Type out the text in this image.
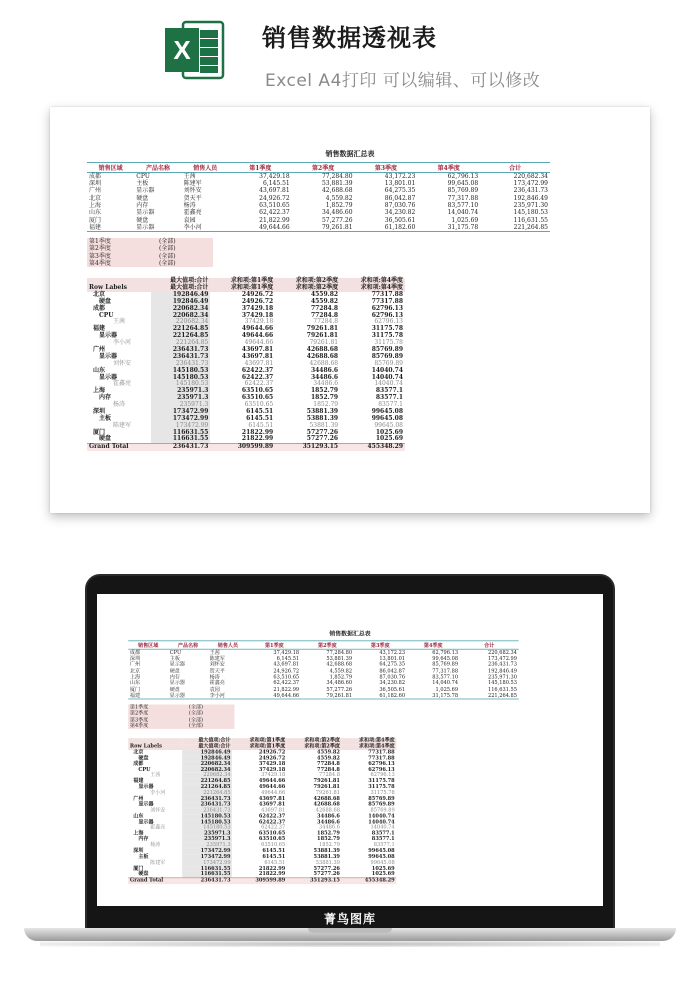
X	销售数据透视表
Excel A4打印 可以编辑、可以修改
销售数据汇总表
销售区域	产品名称	销售人员	第1季度	第2季度	第3季度	第4季度	合计
成都	CPU	王茜	37,429.18	77,284.80	43,172.23	62,796.13	220,682.34
深圳	主板	陈建军	6,145.51	53,881.39	13,801.01	99,645.08	173,472.99
广州	显示器	刘怀安	43,697.81	42,688.68	64,275.35	85,769.89	236,431.73
北京	硬盘	贺天平	24,926.72	4,559.82	86,042.87	77,317.88	192,846.49
上海	内存	杨涛	63,510.65	1,852.79	87,030.76	83,577.10	235,971.30
山东	显示器	霍鑫亮	62,422.37	34,486.60	34,230.82	14,040.74	145,180.53
厦门	硬盘	袁园	21,822.99	57,277.26	36,505.61	1,025.69	116,631.55
福建	显示器	李小河	49,644.66	79,261.81	61,182.60	31,175.78	221,264.85
第1季度	(全部)
第2季度	(全部)
第3季度	(全部)
第4季度	(全部)
	最大值项:合计	求和项:第1季度	求和项:第2季度	求和项:第4季度
Row Labels	最大值项:合计	求和项:第1季度	求和项:第2季度	求和项:第4季度
北京	192846.49	24926.72	4559.82	77317.88
硬盘	192846.49	24926.72	4559.82	77317.88
成都	220682.34	37429.18	77284.8	62796.13
CPU	220682.34	37429.18	77284.8	62796.13
王茜	220682.34	37429.18	77284.8	62796.13
福建	221264.85	49644.66	79261.81	31175.78
显示器	221264.85	49644.66	79261.81	31175.78
李小河	221264.85	49644.66	79261.81	31175.78
广州	236431.73	43697.81	42688.68	85769.89
显示器	236431.73	43697.81	42688.68	85769.89
刘怀安	236431.73	43697.81	42688.68	85769.89
山东	145180.53	62422.37	34486.6	14040.74
显示器	145180.53	62422.37	34486.6	14040.74
霍鑫亮	145180.53	62422.37	34486.6	14040.74
上海	235971.3	63510.65	1852.79	83577.1
内存	235971.3	63510.65	1852.79	83577.1
杨涛	235971.3	63510.65	1852.79	83577.1
深圳	173472.99	6145.51	53881.39	99645.08
主板	173472.99	6145.51	53881.39	99645.08
陈建军	173472.99	6145.51	53881.39	99645.08
厦门	116631.55	21822.99	57277.26	1025.69
硬盘	116631.55	21822.99	57277.26	1025.69
Grand Total	236431.73	309599.89	351293.15	455348.29
销售数据汇总表
销售区域	产品名称	销售人员	第1季度	第2季度	第3季度	第4季度	合计
成都	CPU	王茜	37,429.18	77,284.80	43,172.23	62,796.13	220,682.34
深圳	主板	陈建军	6,145.51	53,881.39	13,801.01	99,645.08	173,472.99
广州	显示器	刘怀安	43,697.81	42,688.68	64,275.35	85,769.89	236,431.73
北京	硬盘	贺天平	24,926.72	4,559.82	86,042.87	77,317.88	192,846.49
上海	内存	杨涛	63,510.65	1,852.79	87,030.76	83,577.10	235,971.30
山东	显示器	霍鑫亮	62,422.37	34,486.60	34,230.82	14,040.74	145,180.53
厦门	硬盘	袁园	21,822.99	57,277.26	36,505.61	1,025.69	116,631.55
福建	显示器	李小河	49,644.66	79,261.81	61,182.60	31,175.78	221,264.85
第1季度	(全部)
第2季度	(全部)
第3季度	(全部)
第4季度	(全部)
	最大值项:合计	求和项:第1季度	求和项:第2季度	求和项:第4季度
Row Labels	最大值项:合计	求和项:第1季度	求和项:第2季度	求和项:第4季度
北京	192846.49	24926.72	4559.82	77317.88
硬盘	192846.49	24926.72	4559.82	77317.88
成都	220682.34	37429.18	77284.8	62796.13
CPU	220682.34	37429.18	77284.8	62796.13
王茜	220682.34	37429.18	77284.8	62796.13
福建	221264.85	49644.66	79261.81	31175.78
显示器	221264.85	49644.66	79261.81	31175.78
李小河	221264.85	49644.66	79261.81	31175.78
广州	236431.73	43697.81	42688.68	85769.89
显示器	236431.73	43697.81	42688.68	85769.89
刘怀安	236431.73	43697.81	42688.68	85769.89
山东	145180.53	62422.37	34486.6	14040.74
显示器	145180.53	62422.37	34486.6	14040.74
霍鑫亮	145180.53	62422.37	34486.6	14040.74
上海	235971.3	63510.65	1852.79	83577.1
内存	235971.3	63510.65	1852.79	83577.1
杨涛	235971.3	63510.65	1852.79	83577.1
深圳	173472.99	6145.51	53881.39	99645.08
主板	173472.99	6145.51	53881.39	99645.08
陈建军	173472.99	6145.51	53881.39	99645.08
厦门	116631.55	21822.99	57277.26	1025.69
硬盘	116631.55	21822.99	57277.26	1025.69
Grand Total	236431.73	309599.89	351293.15	455348.29
菁鸟图库
